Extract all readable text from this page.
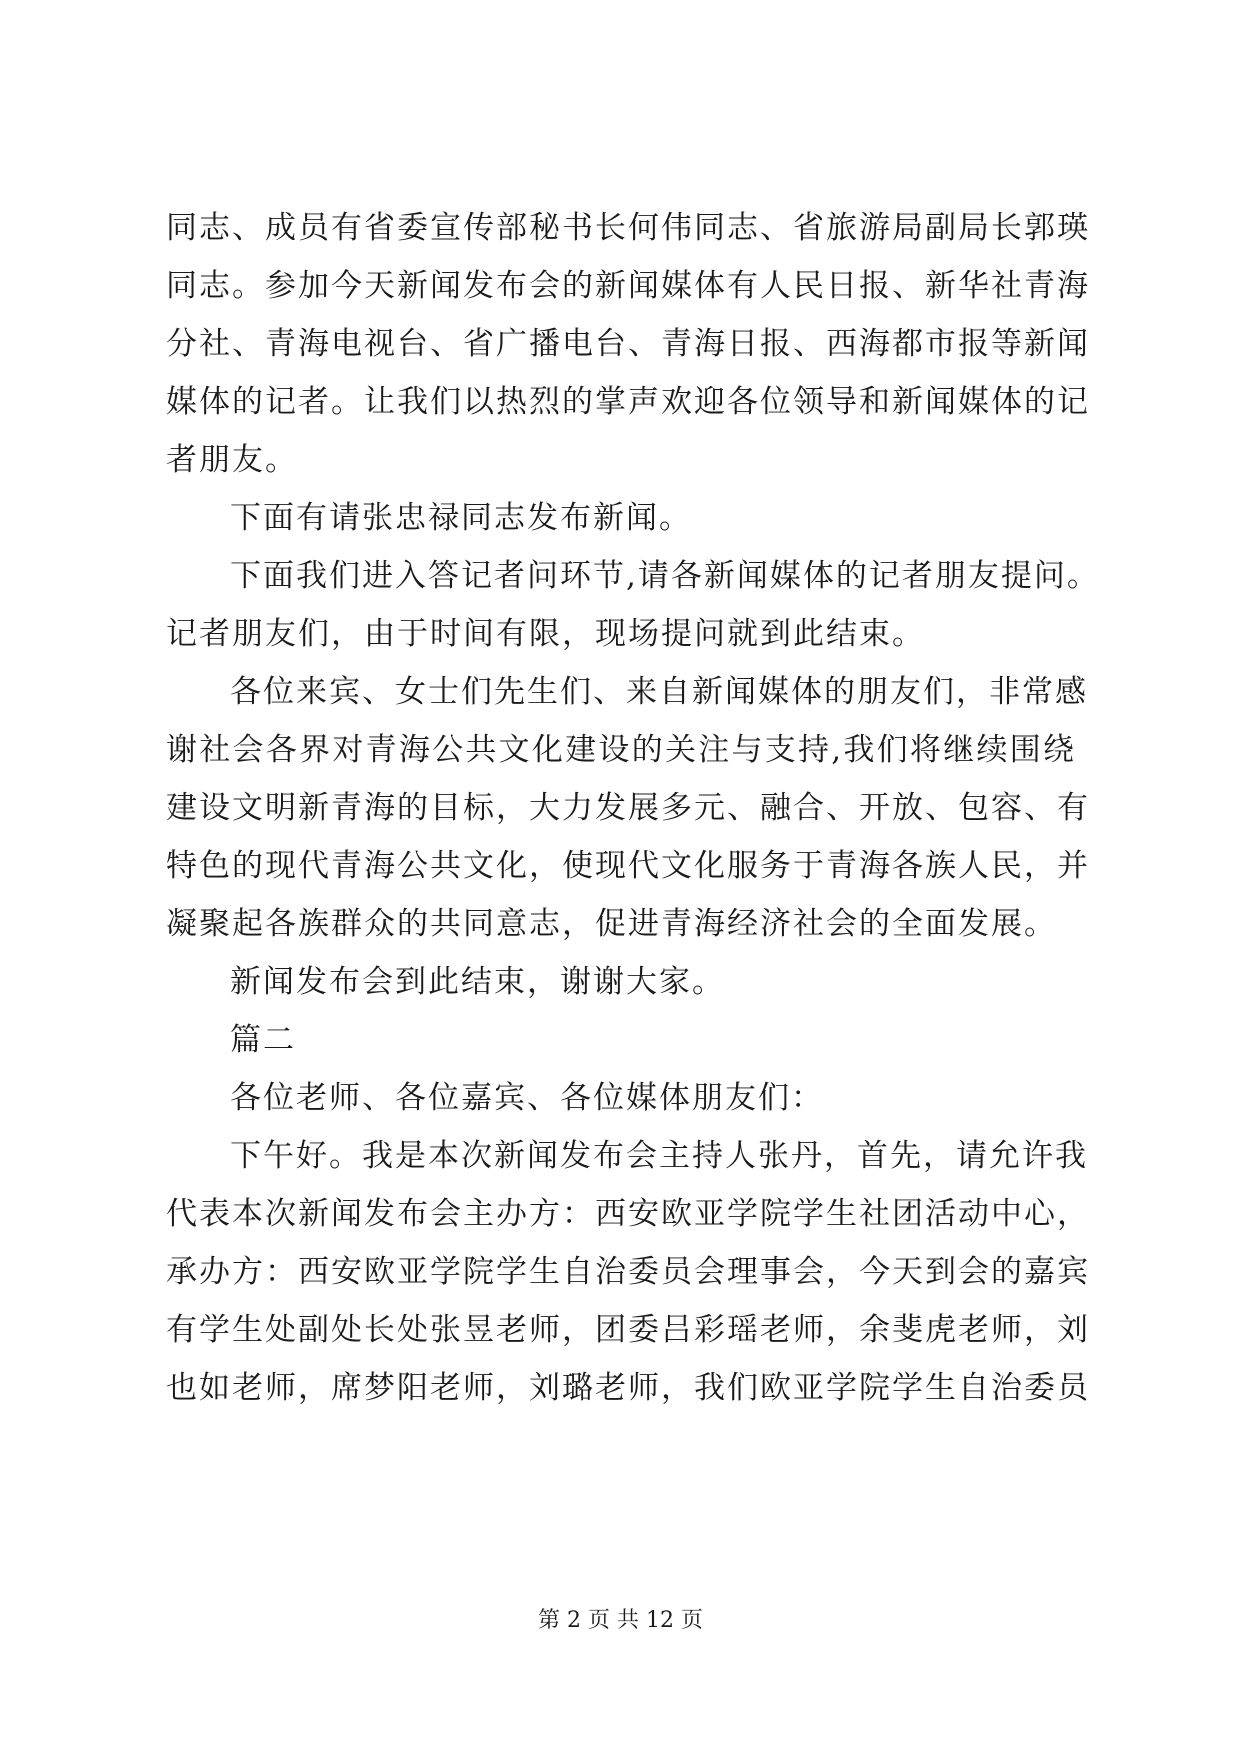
同志、成员有省委宣传部秘书长何伟同志、省旅游局副局长郭瑛
同志。参加今天新闻发布会的新闻媒体有人民日报、新华社青海
分社、青海电视台、省广播电台、青海日报、西海都市报等新闻
媒体的记者。让我们以热烈的掌声欢迎各位领导和新闻媒体的记
者朋友。
下面有请张忠禄同志发布新闻。
下面我们进入答记者问环节,请各新闻媒体的记者朋友提问。
记者朋友们，由于时间有限，现场提问就到此结束。
各位来宾、女士们先生们、来自新闻媒体的朋友们，非常感
谢社会各界对青海公共文化建设的关注与支持,我们将继续围绕
建设文明新青海的目标，大力发展多元、融合、开放、包容、有
特色的现代青海公共文化，使现代文化服务于青海各族人民，并
凝聚起各族群众的共同意志，促进青海经济社会的全面发展。
新闻发布会到此结束，谢谢大家。
篇二
各位老师、各位嘉宾、各位媒体朋友们：
下午好。我是本次新闻发布会主持人张丹，首先，请允许我
代表本次新闻发布会主办方：西安欧亚学院学生社团活动中心，
承办方：西安欧亚学院学生自治委员会理事会，今天到会的嘉宾
有学生处副处长处张昱老师，团委吕彩瑶老师，余斐虎老师，刘
也如老师，席梦阳老师，刘璐老师，我们欧亚学院学生自治委员
第 2 页 共 12 页
